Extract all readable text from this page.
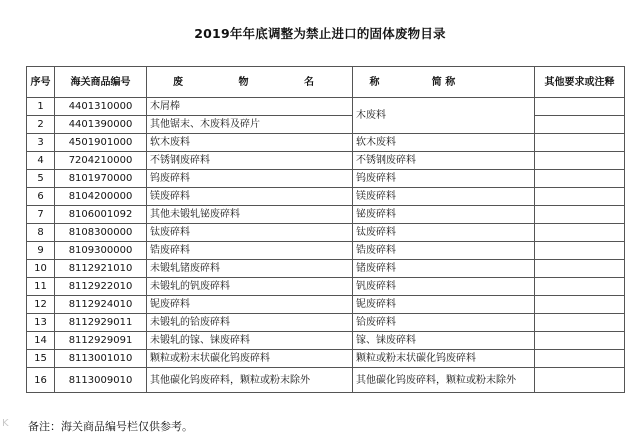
2019年年底调整为禁止进口的固体废物目录
序号	海关商品编号	废 物 名 称	简 称	其他要求或注释
1	4401310000	木屑棒	木废料	
2	4401390000	其他锯末、木废料及碎片		
3	4501901000	软木废料	软木废料	
4	7204210000	不锈钢废碎料	不锈钢废碎料	
5	8101970000	钨废碎料	钨废碎料	
6	8104200000	镁废碎料	镁废碎料	
7	8106001092	其他未锻轧铋废碎料	铋废碎料	
8	8108300000	钛废碎料	钛废碎料	
9	8109300000	锆废碎料	锆废碎料	
10	8112921010	未锻轧锗废碎料	锗废碎料	
11	8112922010	未锻轧的钒废碎料	钒废碎料	
12	8112924010	铌废碎料	铌废碎料	
13	8112929011	未锻轧的铪废碎料	铪废碎料	
14	8112929091	未锻轧的镓、铼废碎料	镓、铼废碎料	
15	8113001010	颗粒或粉末状碳化钨废碎料	颗粒或粉末状碳化钨废碎料	
16	8113009010	其他碳化钨废碎料，颗粒或粉末除外	其他碳化钨废碎料，颗粒或粉末除外	
K 备注：海关商品编号栏仅供参考。
